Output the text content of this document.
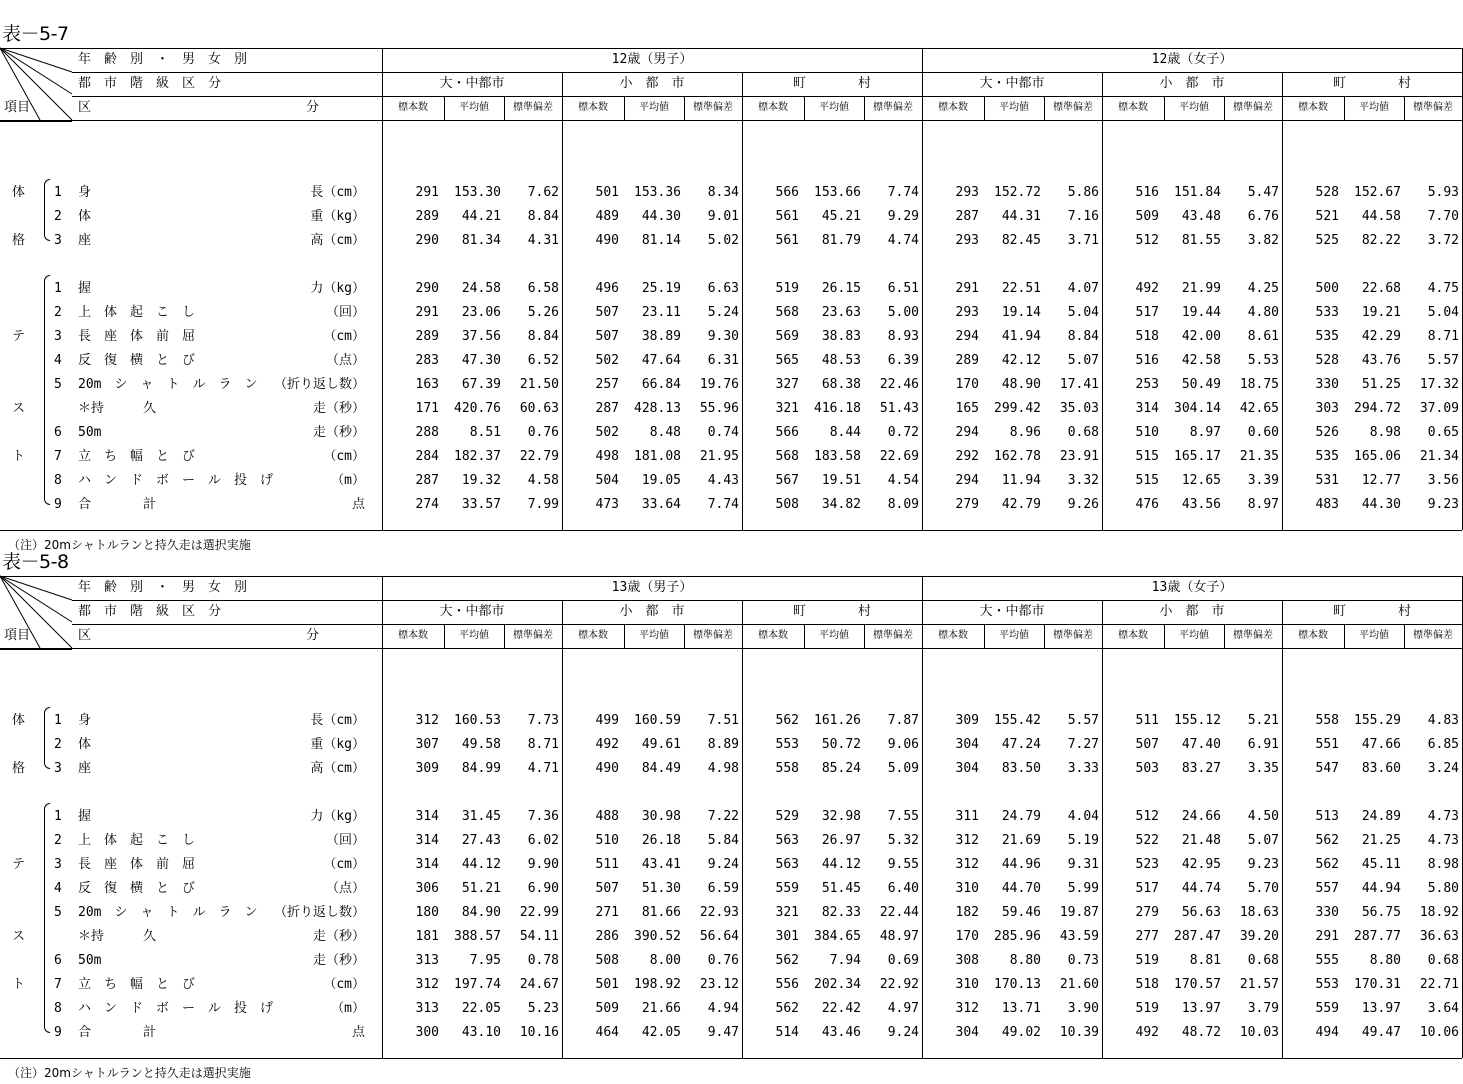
表－5-7
年　齢　別　・　男　女　別
都　市　階　級　区　分
区	分
項目
12歳（男子）	12歳（女子）
大・中都市
標本数	平均値	標準偏差
小　都　市
標本数	平均値	標準偏差
町　　　　村
標本数	平均値	標準偏差
大・中都市
標本数	平均値	標準偏差
小　都　市
標本数	平均値	標準偏差
町　　　　村
標本数	平均値	標準偏差
体
格
テ
ス
ト
1 身	長（cm）	291	153.30	7.62	501	153.36	8.34	566	153.66	7.74	293	152.72	5.86	516	151.84	5.47	528	152.67	5.93
2 体	重（kg）	289	44.21	8.84	489	44.30	9.01	561	45.21	9.29	287	44.31	7.16	509	43.48	6.76	521	44.58	7.70
3 座	高（cm）	290	81.34	4.31	490	81.14	5.02	561	81.79	4.74	293	82.45	3.71	512	81.55	3.82	525	82.22	3.72
1 握	力（kg）	290	24.58	6.58	496	25.19	6.63	519	26.15	6.51	291	22.51	4.07	492	21.99	4.25	500	22.68	4.75
2 上　体　起　こ　し	（回）	291	23.06	5.26	507	23.11	5.24	568	23.63	5.00	293	19.14	5.04	517	19.44	4.80	533	19.21	5.04
3 長　座　体　前　屈	（cm）	289	37.56	8.84	507	38.89	9.30	569	38.83	8.93	294	41.94	8.84	518	42.00	8.61	535	42.29	8.71
4 反　復　横　と　び	（点）	283	47.30	6.52	502	47.64	6.31	565	48.53	6.39	289	42.12	5.07	516	42.58	5.53	528	43.76	5.57
5 20m　シ　ャ　ト　ル　ラ　ン	（折り返し数）	163	67.39	21.50	257	66.84	19.76	327	68.38	22.46	170	48.90	17.41	253	50.49	18.75	330	51.25	17.32
＊持　　　久	走（秒）	171	420.76	60.63	287	428.13	55.96	321	416.18	51.43	165	299.42	35.03	314	304.14	42.65	303	294.72	37.09
6 50m	走（秒）	288	8.51	0.76	502	8.48	0.74	566	8.44	0.72	294	8.96	0.68	510	8.97	0.60	526	8.98	0.65
7 立　ち　幅　と　び	（cm）	284	182.37	22.79	498	181.08	21.95	568	183.58	22.69	292	162.78	23.91	515	165.17	21.35	535	165.06	21.34
8 ハ　ン　ド　ボ　ー　ル　投　げ	（m）	287	19.32	4.58	504	19.05	4.43	567	19.51	4.54	294	11.94	3.32	515	12.65	3.39	531	12.77	3.56
9 合　　　　計	点	274	33.57	7.99	473	33.64	7.74	508	34.82	8.09	279	42.79	9.26	476	43.56	8.97	483	44.30	9.23
（注）20mシャトルランと持久走は選択実施
表－5-8
年　齢　別　・　男　女　別
都　市　階　級　区　分
区	分
項目
13歳（男子）	13歳（女子）
大・中都市
標本数	平均値	標準偏差
小　都　市
標本数	平均値	標準偏差
町　　　　村
標本数	平均値	標準偏差
大・中都市
標本数	平均値	標準偏差
小　都　市
標本数	平均値	標準偏差
町　　　　村
標本数	平均値	標準偏差
体
格
テ
ス
ト
1 身	長（cm）	312	160.53	7.73	499	160.59	7.51	562	161.26	7.87	309	155.42	5.57	511	155.12	5.21	558	155.29	4.83
2 体	重（kg）	307	49.58	8.71	492	49.61	8.89	553	50.72	9.06	304	47.24	7.27	507	47.40	6.91	551	47.66	6.85
3 座	高（cm）	309	84.99	4.71	490	84.49	4.98	558	85.24	5.09	304	83.50	3.33	503	83.27	3.35	547	83.60	3.24
1 握	力（kg）	314	31.45	7.36	488	30.98	7.22	529	32.98	7.55	311	24.79	4.04	512	24.66	4.50	513	24.89	4.73
2 上　体　起　こ　し	（回）	314	27.43	6.02	510	26.18	5.84	563	26.97	5.32	312	21.69	5.19	522	21.48	5.07	562	21.25	4.73
3 長　座　体　前　屈	（cm）	314	44.12	9.90	511	43.41	9.24	563	44.12	9.55	312	44.96	9.31	523	42.95	9.23	562	45.11	8.98
4 反　復　横　と　び	（点）	306	51.21	6.90	507	51.30	6.59	559	51.45	6.40	310	44.70	5.99	517	44.74	5.70	557	44.94	5.80
5 20m　シ　ャ　ト　ル　ラ　ン	（折り返し数）	180	84.90	22.99	271	81.66	22.93	321	82.33	22.44	182	59.46	19.87	279	56.63	18.63	330	56.75	18.92
＊持　　　久	走（秒）	181	388.57	54.11	286	390.52	56.64	301	384.65	48.97	170	285.96	43.59	277	287.47	39.20	291	287.77	36.63
6 50m	走（秒）	313	7.95	0.78	508	8.00	0.76	562	7.94	0.69	308	8.80	0.73	519	8.81	0.68	555	8.80	0.68
7 立　ち　幅　と　び	（cm）	312	197.74	24.67	501	198.92	23.12	556	202.34	22.92	310	170.13	21.60	518	170.57	21.57	553	170.31	22.71
8 ハ　ン　ド　ボ　ー　ル　投　げ	（m）	313	22.05	5.23	509	21.66	4.94	562	22.42	4.97	312	13.71	3.90	519	13.97	3.79	559	13.97	3.64
9 合　　　　計	点	300	43.10	10.16	464	42.05	9.47	514	43.46	9.24	304	49.02	10.39	492	48.72	10.03	494	49.47	10.06
（注）20mシャトルランと持久走は選択実施
